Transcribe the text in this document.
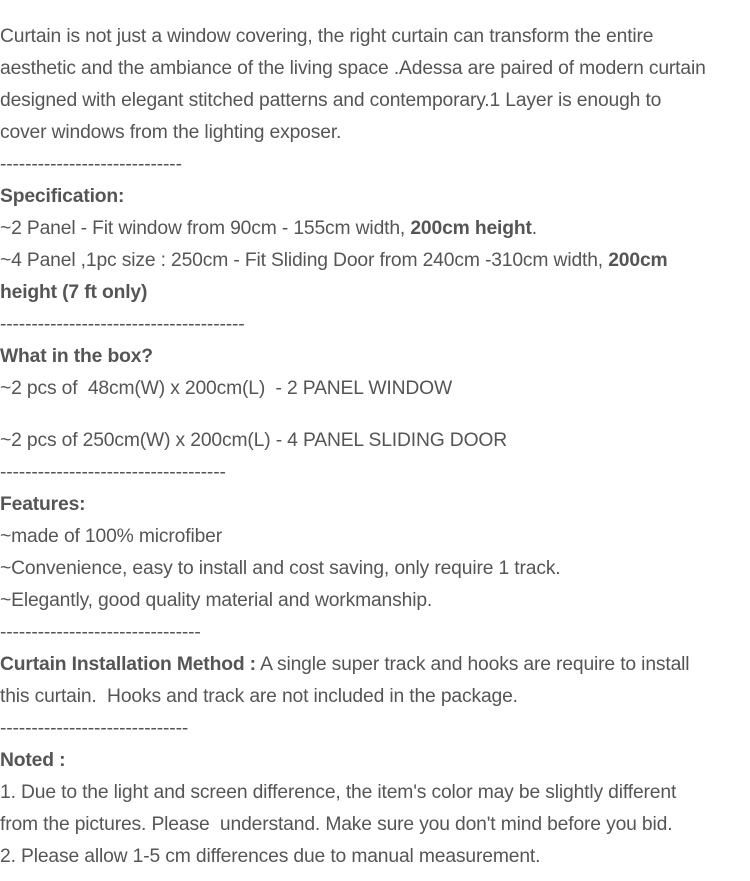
Curtain is not just a window covering, the right curtain can transform the entire
aesthetic and the ambiance of the living space .Adessa are paired of modern curtain
designed with elegant stitched patterns and contemporary.1 Layer is enough to
cover windows from the lighting exposer.
-----------------------------
Specification:
~2 Panel - Fit window from 90cm - 155cm width, 200cm height.
~4 Panel ,1pc size : 250cm - Fit Sliding Door from 240cm -310cm width, 200cm
height (7 ft only)
---------------------------------------
What in the box?
~2 pcs of  48cm(W) x 200cm(L)  - 2 PANEL WINDOW
~2 pcs of 250cm(W) x 200cm(L) - 4 PANEL SLIDING DOOR
------------------------------------
Features:
~made of 100% microfiber
~Convenience, easy to install and cost saving, only require 1 track.
~Elegantly, good quality material and workmanship.
--------------------------------
Curtain Installation Method : A single super track and hooks are require to install
this curtain.  Hooks and track are not included in the package.
------------------------------
Noted :
1. Due to the light and screen difference, the item's color may be slightly different
from the pictures. Please  understand. Make sure you don't mind before you bid.
2. Please allow 1-5 cm differences due to manual measurement.
